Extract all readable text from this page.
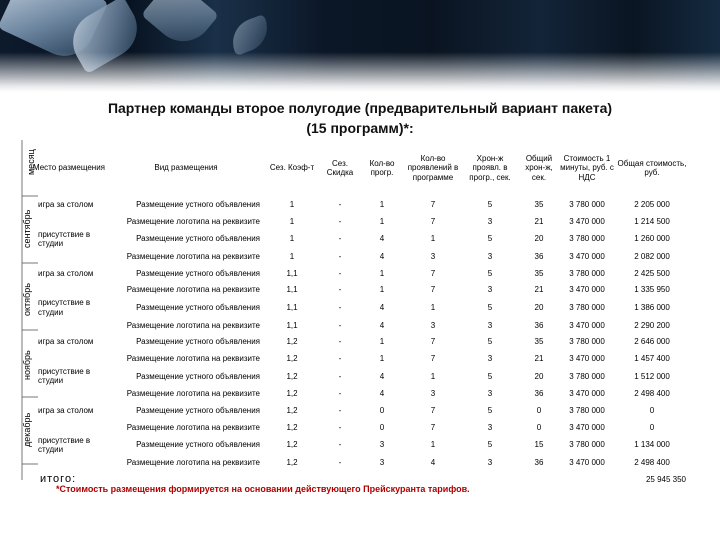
Партнер команды второе полугодие (предварительный вариант пакета)
(15 программ)*:
месяц
сентябрь
октябрь
ноябрь
декабрь
Место размещения	Вид размещения	Сез. Коэф-т	Сез. Скидка	Кол-во прогр.	Кол-во проявлений в программе	Хрон-ж проявл. в прогр., сек.	Общий хрон-ж, сек.	Стоимость 1 минуты, руб. с НДС	Общая стоимость, руб.
игра за столом	Размещение устного объявления	1	-	1	7	5	35	3 780 000	2 205 000
	Размещение логотипа на реквизите	1	-	1	7	3	21	3 470 000	1 214 500
присутствие в студии	Размещение устного объявления	1	-	4	1	5	20	3 780 000	1 260 000
	Размещение логотипа на реквизите	1	-	4	3	3	36	3 470 000	2 082 000
игра за столом	Размещение устного объявления	1,1	-	1	7	5	35	3 780 000	2 425 500
	Размещение логотипа на реквизите	1,1	-	1	7	3	21	3 470 000	1 335 950
присутствие в студии	Размещение устного объявления	1,1	-	4	1	5	20	3 780 000	1 386 000
	Размещение логотипа на реквизите	1,1	-	4	3	3	36	3 470 000	2 290 200
игра за столом	Размещение устного объявления	1,2	-	1	7	5	35	3 780 000	2 646 000
	Размещение логотипа на реквизите	1,2	-	1	7	3	21	3 470 000	1 457 400
присутствие в студии	Размещение устного объявления	1,2	-	4	1	5	20	3 780 000	1 512 000
	Размещение логотипа на реквизите	1,2	-	4	3	3	36	3 470 000	2 498 400
игра за столом	Размещение устного объявления	1,2	-	0	7	5	0	3 780 000	0
	Размещение логотипа на реквизите	1,2	-	0	7	3	0	3 470 000	0
присутствие в студии	Размещение устного объявления	1,2	-	3	1	5	15	3 780 000	1 134 000
	Размещение логотипа на реквизите	1,2	-	3	4	3	36	3 470 000	2 498 400
итого:									25 945 350
*Стоимость размещения формируется на основании действующего Прейскуранта тарифов.
